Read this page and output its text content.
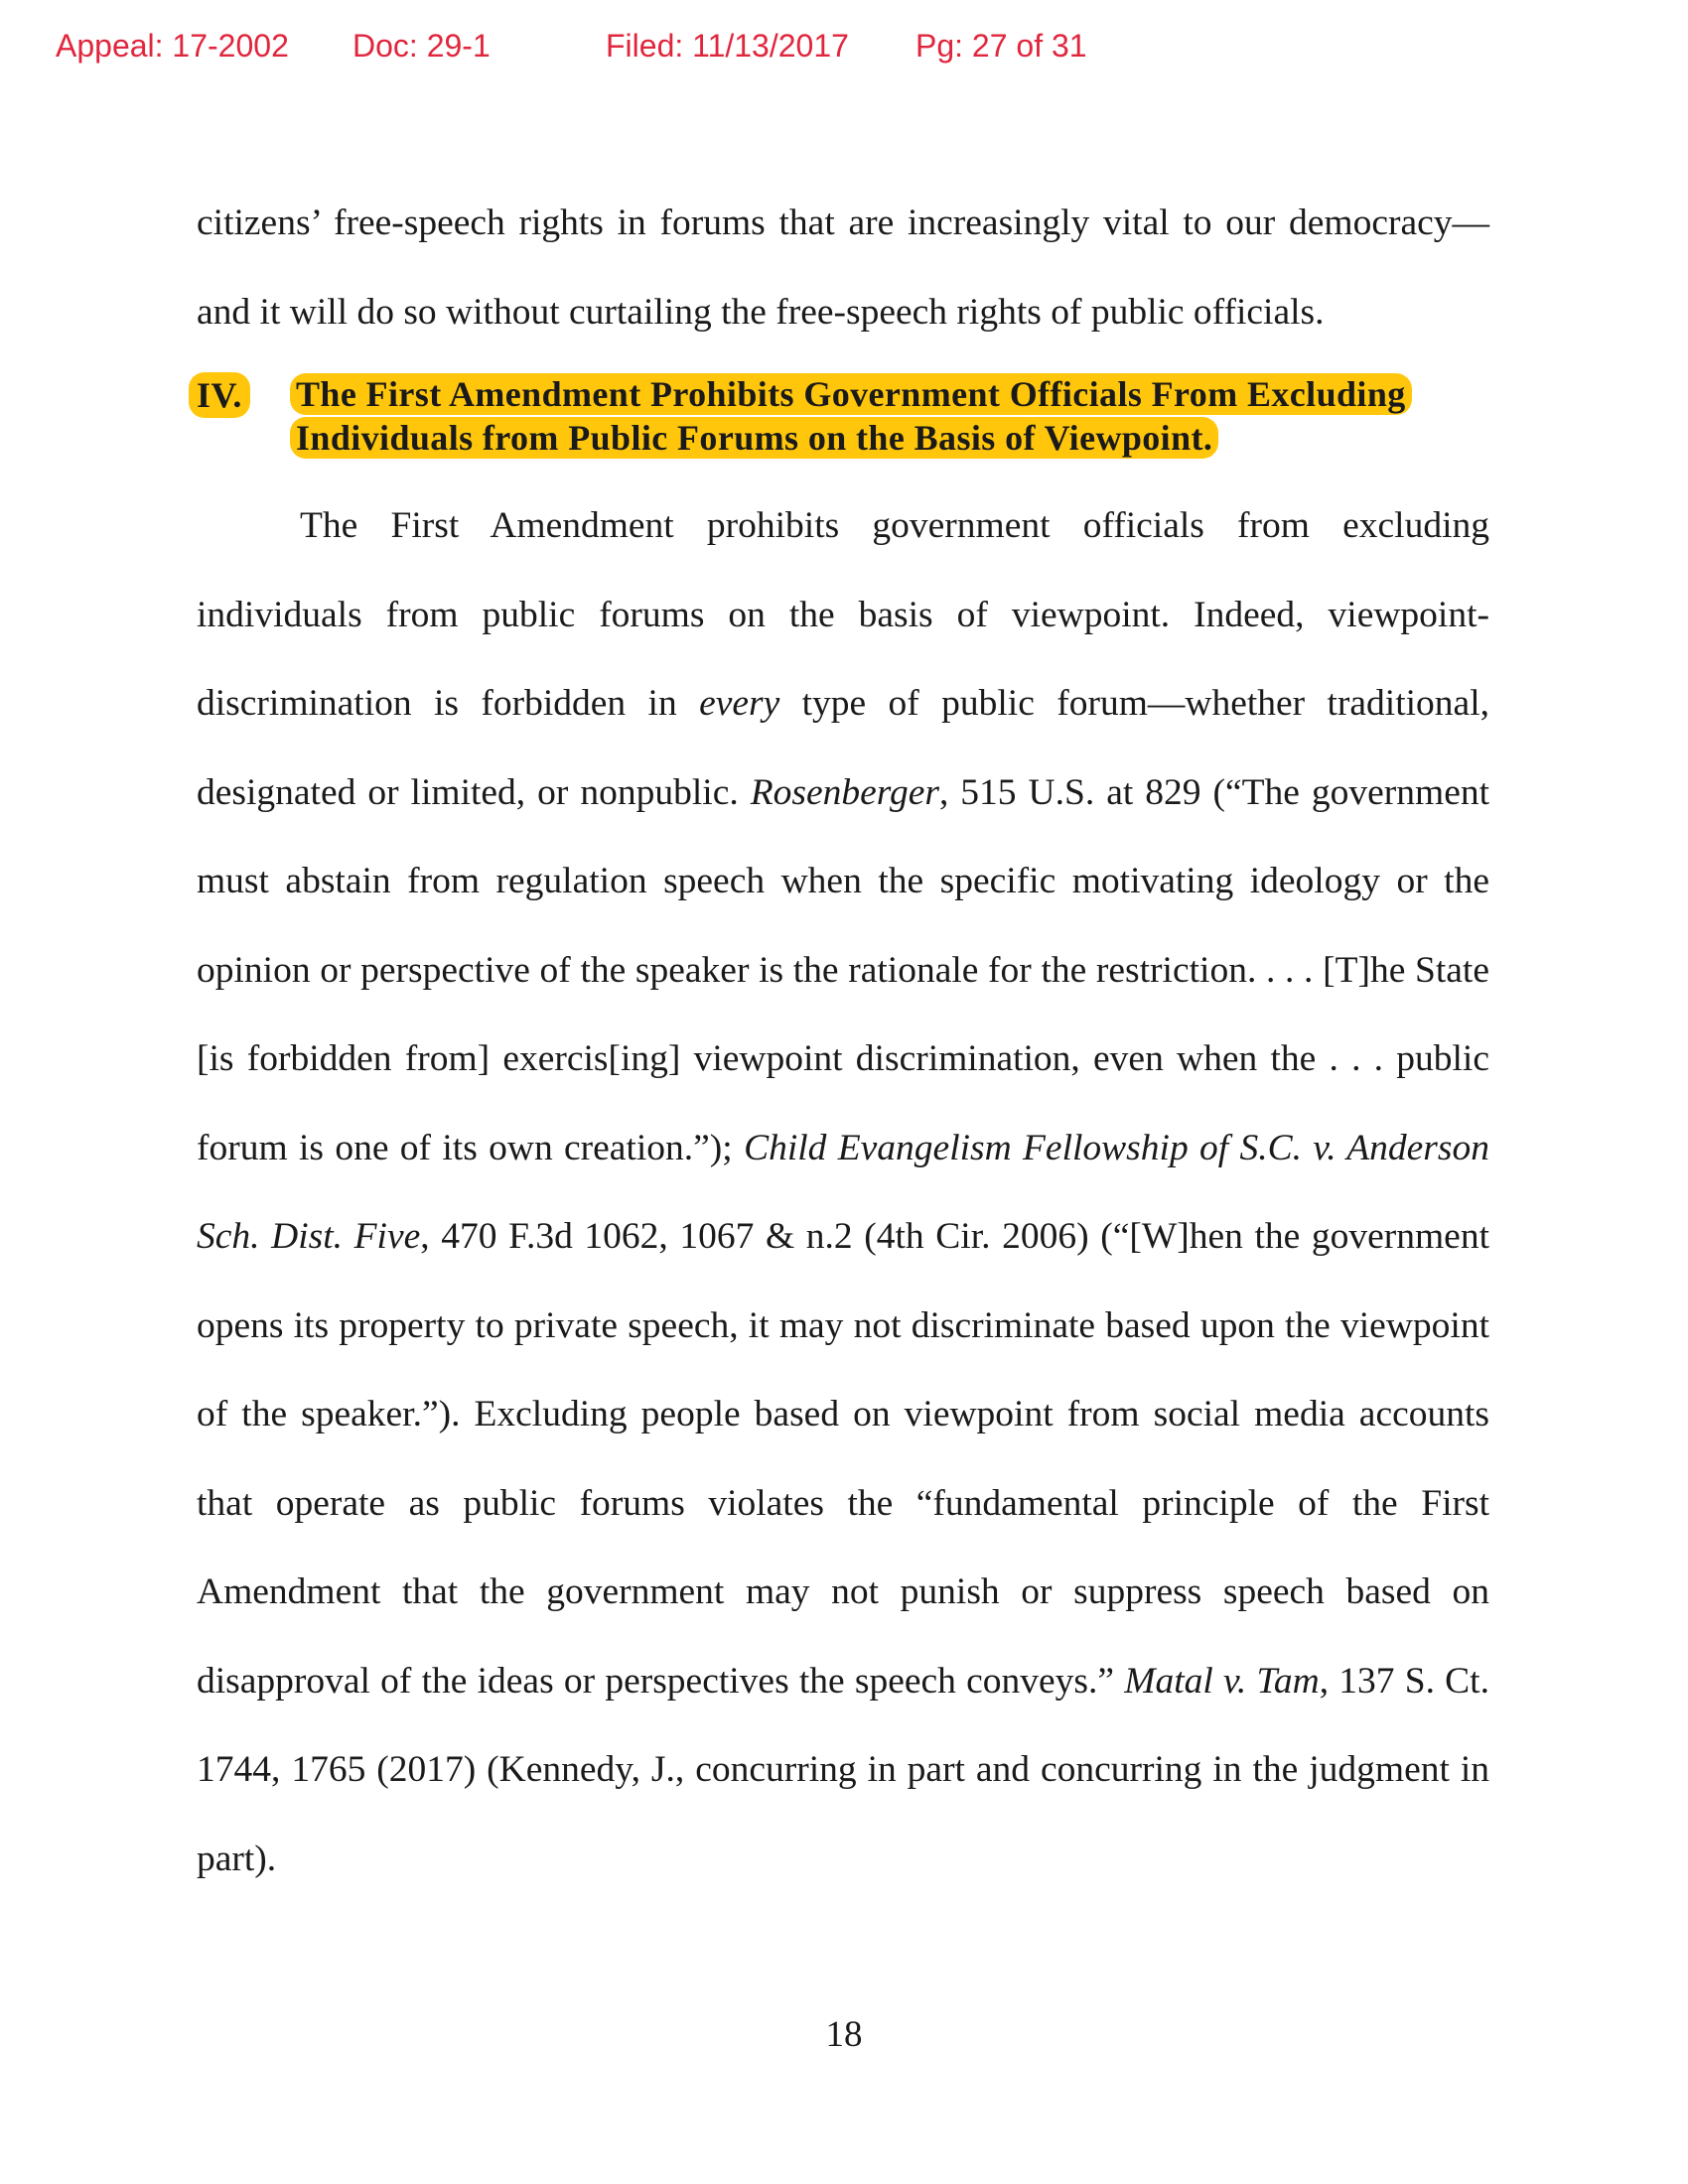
Appeal: 17-2002 Doc: 29-1	Filed: 11/13/2017 Pg: 27 of 31
citizens’ free-speech rights in forums that are increasingly vital to our democracy—and it will do so without curtailing the free-speech rights of public officials.
IV. The First Amendment Prohibits Government Officials From Excluding Individuals from Public Forums on the Basis of Viewpoint.

The First Amendment prohibits government officials from excluding individuals from public forums on the basis of viewpoint. Indeed, viewpoint-discrimination is forbidden in every type of public forum—whether traditional, designated or limited, or nonpublic. Rosenberger, 515 U.S. at 829 (“The government must abstain from regulation speech when the specific motivating ideology or the opinion or perspective of the speaker is the rationale for the restriction. . . . [T]he State [is forbidden from] exercis[ing] viewpoint discrimination, even when the . . . public forum is one of its own creation.”); Child Evangelism Fellowship of S.C. v. Anderson Sch. Dist. Five, 470 F.3d 1062, 1067 & n.2 (4th Cir. 2006) (“[W]hen the government opens its property to private speech, it may not discriminate based upon the viewpoint of the speaker.”). Excluding people based on viewpoint from social media accounts that operate as public forums violates the “fundamental principle of the First Amendment that the government may not punish or suppress speech based on disapproval of the ideas or perspectives the speech conveys.” Matal v. Tam, 137 S. Ct. 1744, 1765 (2017) (Kennedy, J., concurring in part and concurring in the judgment in part).

18
